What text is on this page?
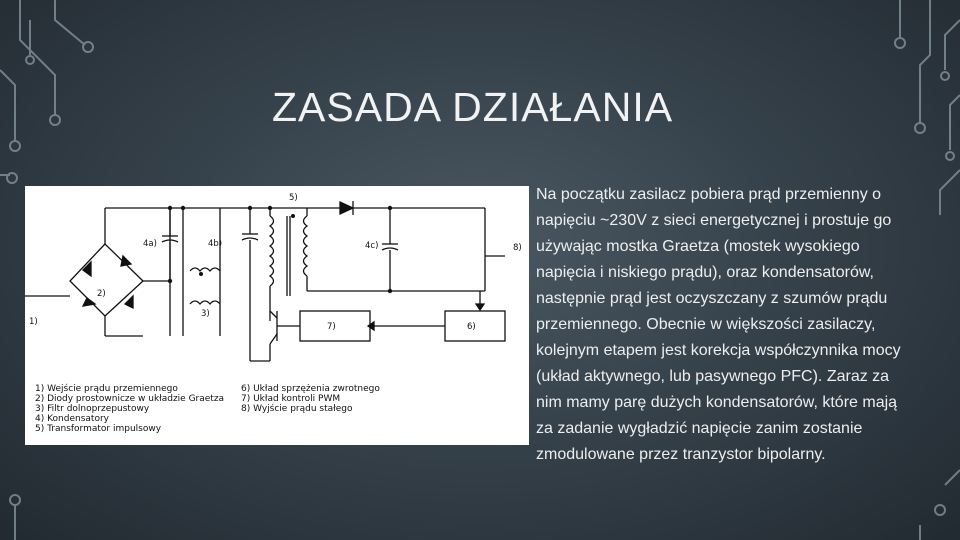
ZASADA DZIAŁANIA
1)
2)
3)
4a)	4b)	4c)
5)
6)
7)
8)
1) Wejście prądu przemiennego
2) Diody prostownicze w układzie Graetza
3) Filtr dolnoprzepustowy
4) Kondensatory
5) Transformator impulsowy
6) Układ sprzężenia zwrotnego
7) Układ kontroli PWM
8) Wyjście prądu stałego
Na początku zasilacz pobiera prąd przemienny o napięciu ~230V z sieci energetycznej i prostuje go używając mostka Graetza (mostek wysokiego napięcia i niskiego prądu), oraz kondensatorów, następnie prąd jest oczyszczany z szumów prądu przemiennego. Obecnie w większości zasilaczy, kolejnym etapem jest korekcja współczynnika mocy (układ aktywnego, lub pasywnego PFC). Zaraz za nim mamy parę dużych kondensatorów, które mają za zadanie wygładzić napięcie zanim zostanie zmodulowane przez tranzystor bipolarny.
